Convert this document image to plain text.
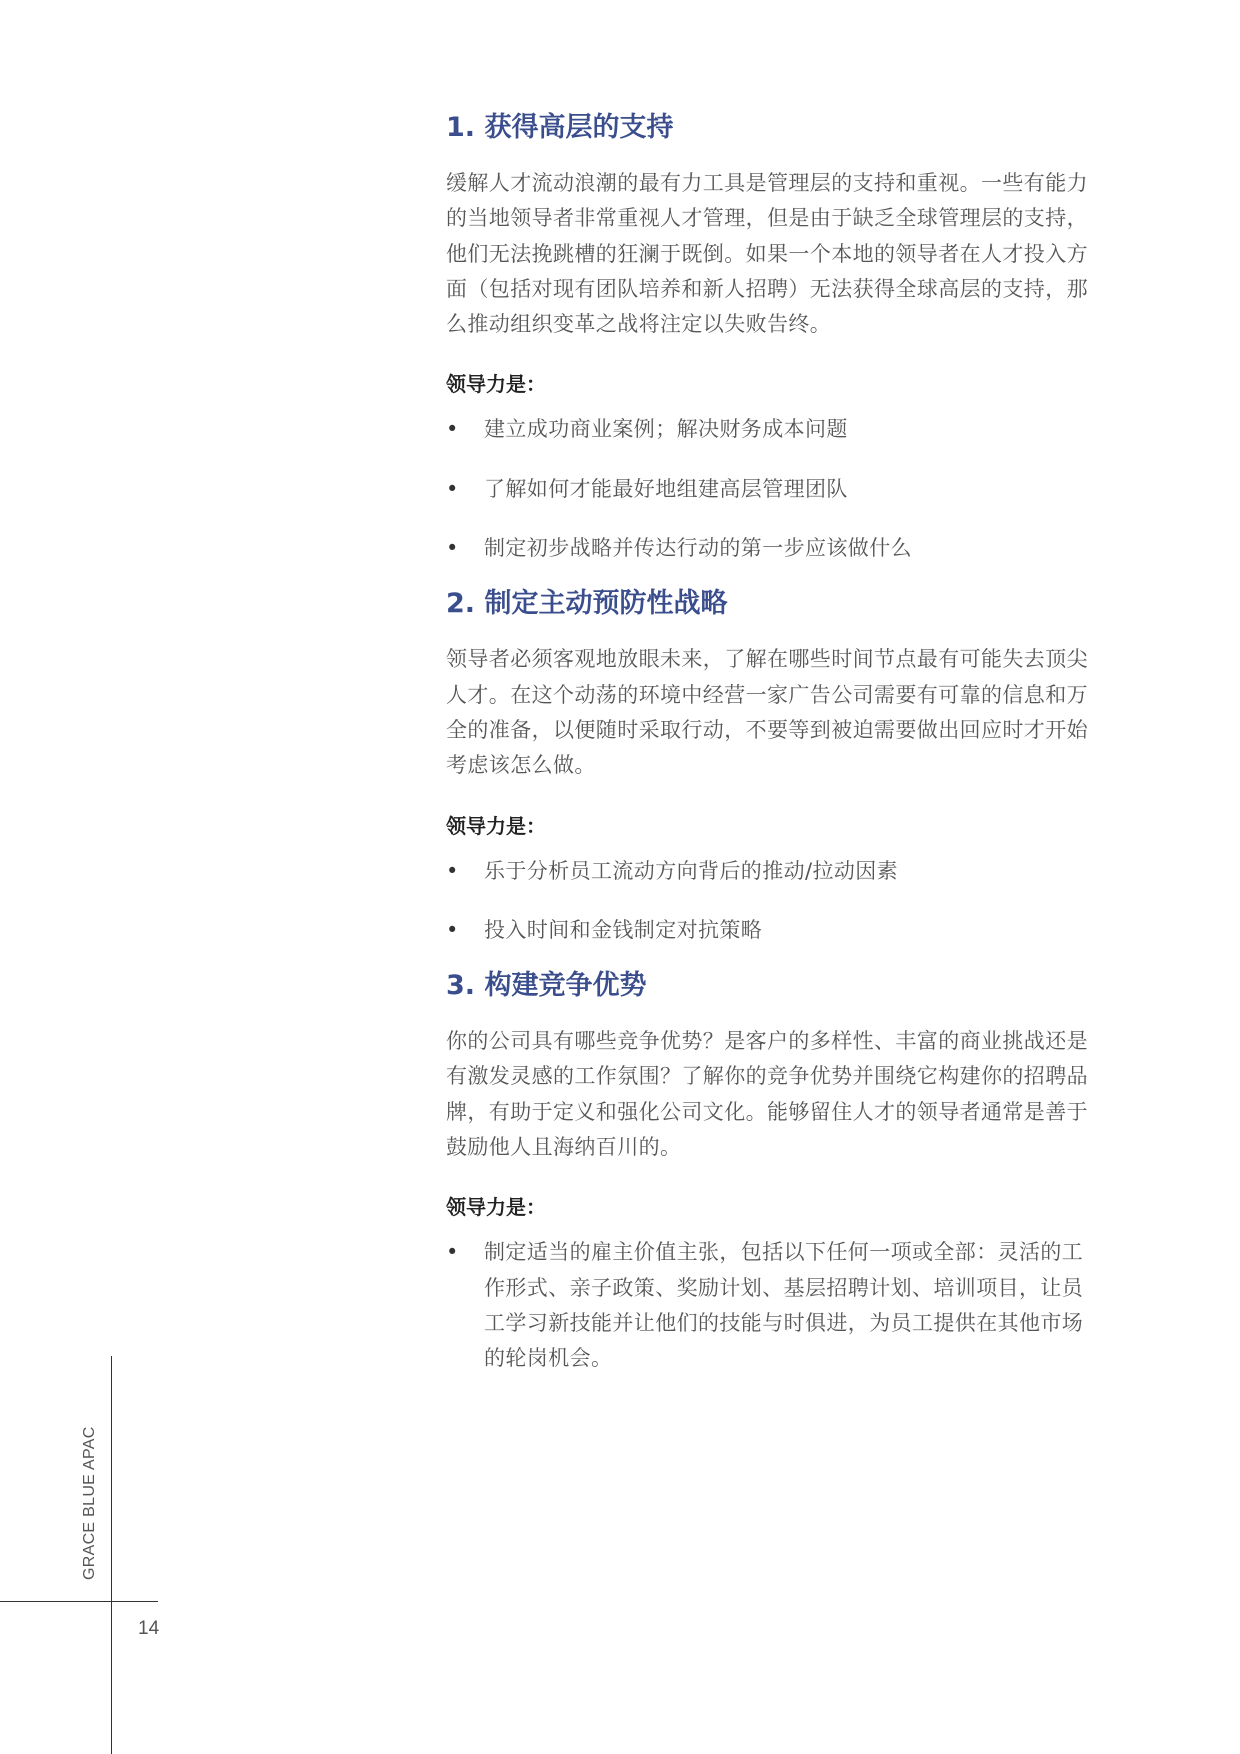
1. 获得高层的支持

缓解人才流动浪潮的最有力工具是管理层的支持和重视。一些有能力的当地领导者非常重视人才管理，但是由于缺乏全球管理层的支持，他们无法挽跳槽的狂澜于既倒。如果一个本地的领导者在人才投入方面（包括对现有团队培养和新人招聘）无法获得全球高层的支持，那么推动组织变革之战将注定以失败告终。

领导力是：
• 建立成功商业案例；解决财务成本问题
• 了解如何才能最好地组建高层管理团队
• 制定初步战略并传达行动的第一步应该做什么
2. 制定主动预防性战略

领导者必须客观地放眼未来，了解在哪些时间节点最有可能失去顶尖人才。在这个动荡的环境中经营一家广告公司需要有可靠的信息和万全的准备，以便随时采取行动，不要等到被迫需要做出回应时才开始考虑该怎么做。

领导力是：
• 乐于分析员工流动方向背后的推动/拉动因素
• 投入时间和金钱制定对抗策略
3. 构建竞争优势

你的公司具有哪些竞争优势？是客户的多样性、丰富的商业挑战还是有激发灵感的工作氛围？了解你的竞争优势并围绕它构建你的招聘品牌，有助于定义和强化公司文化。能够留住人才的领导者通常是善于鼓励他人且海纳百川的。

领导力是：
• 制定适当的雇主价值主张，包括以下任何一项或全部：灵活的工作形式、亲子政策、奖励计划、基层招聘计划、培训项目，让员工学习新技能并让他们的技能与时俱进，为员工提供在其他市场的轮岗机会。
GRACE BLUE APAC
14
